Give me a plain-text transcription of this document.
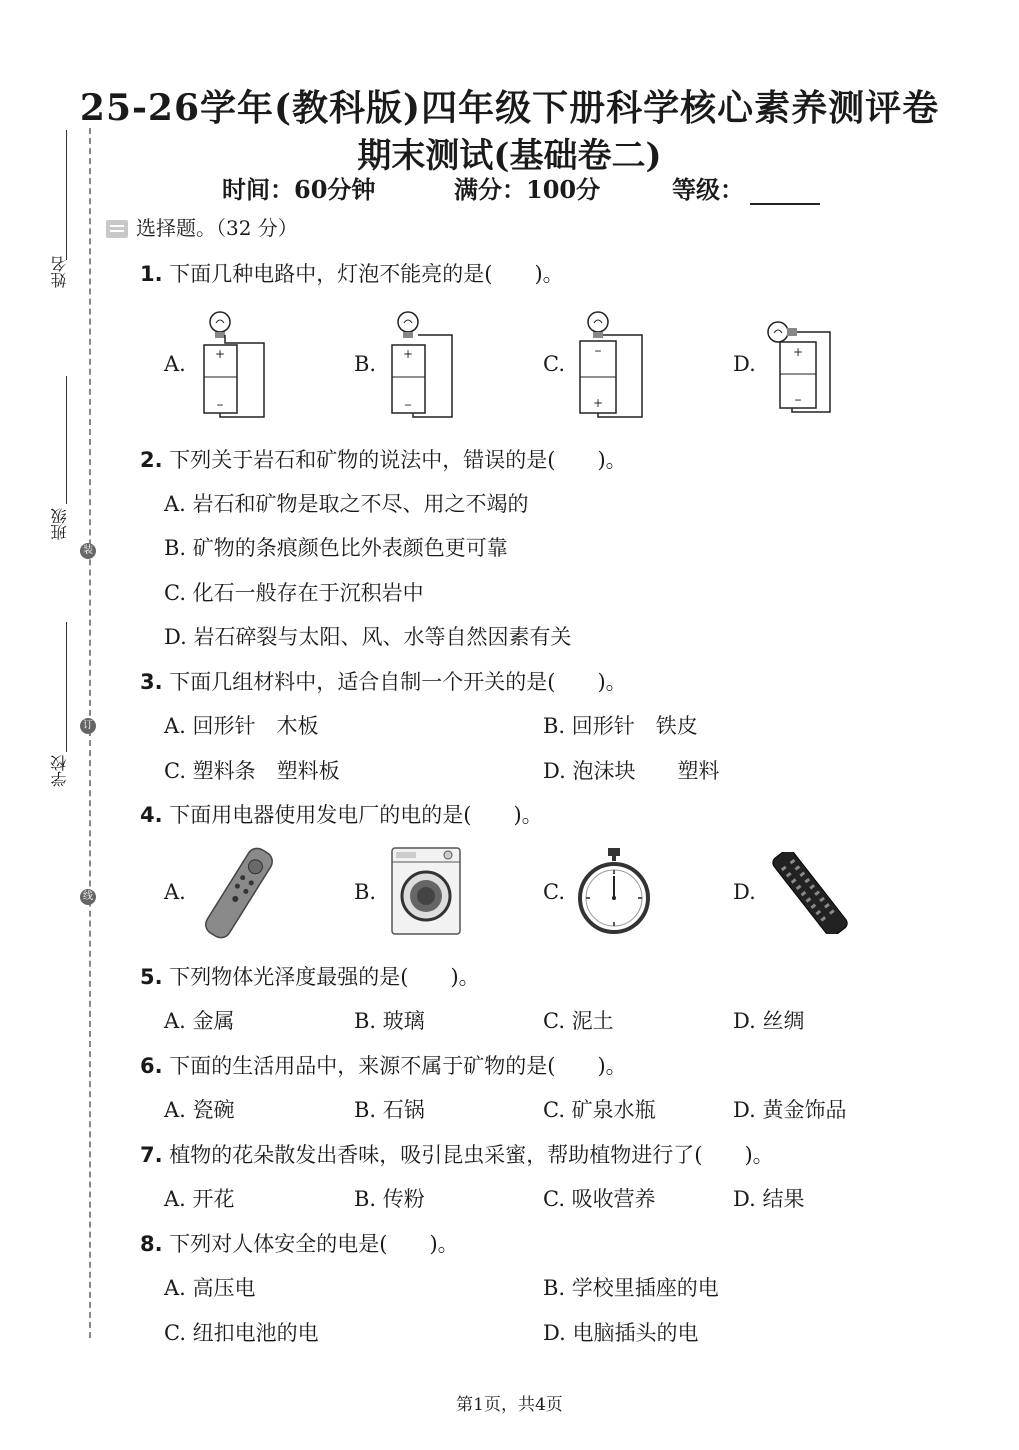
25-26学年(教科版)四年级下册科学核心素养测评卷
期末测试(基础卷二)
时间：60分钟	满分：100分	等级：
姓名
班级
学校
装
订
线
选择题。（32 分）
1. 下面几种电路中，灯泡不能亮的是(　　)。
A.	B.	C.	D.
+
–
+
–
–
+
+
–
2. 下列关于岩石和矿物的说法中，错误的是(　　)。
A. 岩石和矿物是取之不尽、用之不竭的
B. 矿物的条痕颜色比外表颜色更可靠
C. 化石一般存在于沉积岩中
D. 岩石碎裂与太阳、风、水等自然因素有关
3. 下面几组材料中，适合自制一个开关的是(　　)。
A. 回形针　木板	B. 回形针　铁皮
C. 塑料条　塑料板	D. 泡沫块　　塑料
4. 下面用电器使用发电厂的电的是(　　)。
A.	B.	C.	D.
5. 下列物体光泽度最强的是(　　)。
A. 金属	B. 玻璃	C. 泥土	D. 丝绸
6. 下面的生活用品中，来源不属于矿物的是(　　)。
A. 瓷碗	B. 石锅	C. 矿泉水瓶	D. 黄金饰品
7. 植物的花朵散发出香味，吸引昆虫采蜜，帮助植物进行了(　　)。
A. 开花	B. 传粉	C. 吸收营养	D. 结果
8. 下列对人体安全的电是(　　)。
A. 高压电	B. 学校里插座的电
C. 纽扣电池的电	D. 电脑插头的电
第1页，共4页
